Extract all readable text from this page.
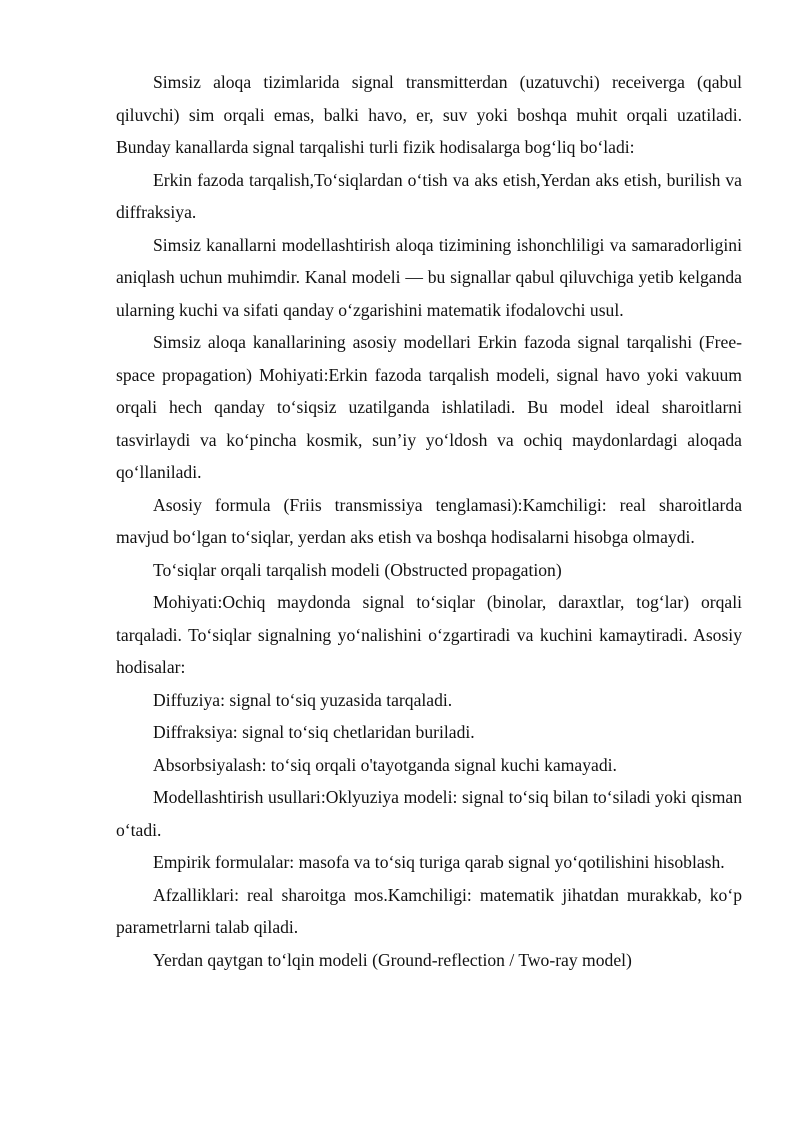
Simsiz aloqa tizimlarida signal transmitterdan (uzatuvchi) receiverga (qabul qiluvchi) sim orqali emas, balki havo, er, suv yoki boshqa muhit orqali uzatiladi. Bunday kanallarda signal tarqalishi turli fizik hodisalarga bog‘liq bo‘ladi:

Erkin fazoda tarqalish,To‘siqlardan o‘tish va aks etish,Yerdan aks etish, burilish va diffraksiya.

Simsiz kanallarni modellashtirish aloqa tizimining ishonchliligi va samaradorligini aniqlash uchun muhimdir. Kanal modeli — bu signallar qabul qiluvchiga yetib kelganda ularning kuchi va sifati qanday o‘zgarishini matematik ifodalovchi usul.

Simsiz aloqa kanallarining asosiy modellari Erkin fazoda signal tarqalishi (Free-space propagation) Mohiyati:Erkin fazoda tarqalish modeli, signal havo yoki vakuum orqali hech qanday to‘siqsiz uzatilganda ishlatiladi. Bu model ideal sharoitlarni tasvirlaydi va ko‘pincha kosmik, sun’iy yo‘ldosh va ochiq maydonlardagi aloqada qo‘llaniladi.

Asosiy formula (Friis transmissiya tenglamasi):Kamchiligi: real sharoitlarda mavjud bo‘lgan to‘siqlar, yerdan aks etish va boshqa hodisalarni hisobga olmaydi.

To‘siqlar orqali tarqalish modeli (Obstructed propagation)

Mohiyati:Ochiq maydonda signal to‘siqlar (binolar, daraxtlar, tog‘lar) orqali tarqaladi. To‘siqlar signalning yo‘nalishini o‘zgartiradi va kuchini kamaytiradi. Asosiy hodisalar:

Diffuziya: signal to‘siq yuzasida tarqaladi.

Diffraksiya: signal to‘siq chetlaridan buriladi.

Absorbsiyalash: to‘siq orqali o'tayotganda signal kuchi kamayadi.

Modellashtirish usullari:Oklyuziya modeli: signal to‘siq bilan to‘siladi yoki qisman o‘tadi.

Empirik formulalar: masofa va to‘siq turiga qarab signal yo‘qotilishini hisoblash.

Afzalliklari: real sharoitga mos.Kamchiligi: matematik jihatdan murakkab, ko‘p parametrlarni talab qiladi.

Yerdan qaytgan to‘lqin modeli (Ground-reflection / Two-ray model)
